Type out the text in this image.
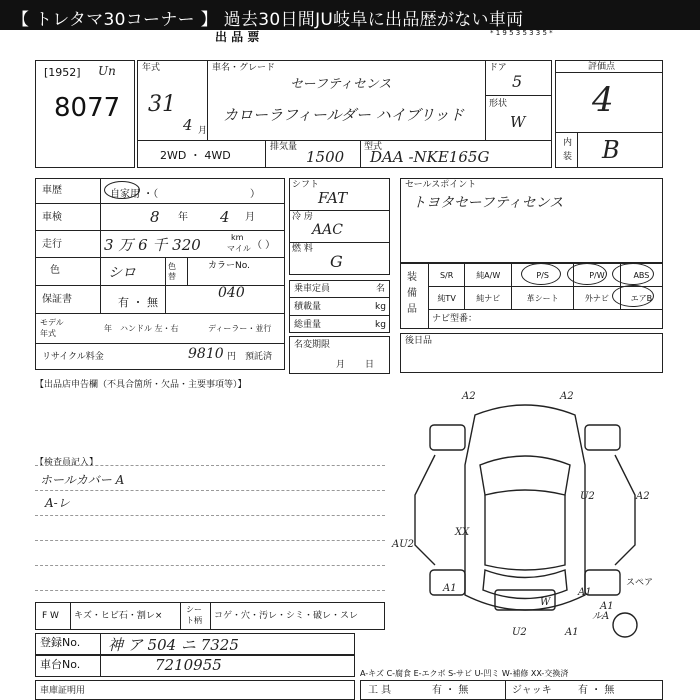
【 トレタマ30コーナー 】 過去30日間JU岐阜に出品歴がない車両
出 品 票	* 1 9 5 3 5 3 3 5 *
[1952] Un
8077
年式
31
4 月
車名・グレード
セーフティセンス
カローラフィールダー ハイブリッド
ドア
5
形状
W
2WD ・ 4WD
排気量
1500
型式
DAA -NKE165G
評価点
4
内
装 B
車歴	自家用 ・（	）
車検	8 年 4 月
走行	3 万 6 千 320	km
マイル （ ）
色	シロ	色替
カラーNo.
040
保証書	有 ・ 無
モデル
年式
年 ハンドル 左・右	ディーラー・並行
リサイクル料金	9810 円 預託済
シフト
FAT
冷 房
AAC
燃 料
G
乗車定員	名
積載量	kg
総重量	kg
名変期限
月日
セールスポイント
トヨタセーフティセンス
装備品
S/R	純A/W	P/S	P/W	ABS
純TV	純ナビ	革シート	外ナビ	エアB
ナビ型番：
後日品
【出品店申告欄（不具合箇所・欠品・主要事項等）】
【検査員記入】
ホールカバー A
A-レ
A2	A2
U2	A2
AU2
XX
スペア
A1
U2	A1
A1
A1
W
ルA
F W キズ・ヒビ石・割レ×
シー
ト柄 コゲ・穴・汚レ・シミ・破レ・スレ
登録No. 神 ア 504 ニ 7325
車台No.	7210955
車庫証明用
A-キズ C-腐食 E-エクボ S-サビ U-凹ミ W-補修 XX-交換済
工 具	有 ・ 無	ジャッキ	有 ・ 無
